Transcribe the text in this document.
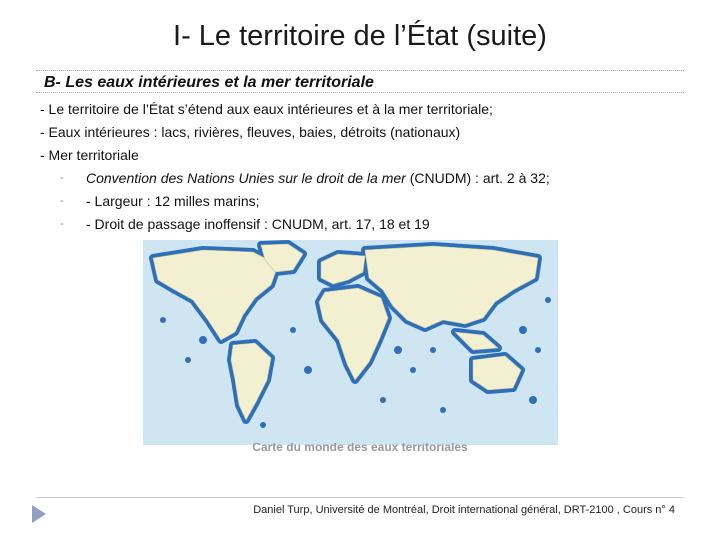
I- Le territoire de l’État (suite)
B- Les eaux intérieures et la mer territoriale
- Le territoire de l’État s’étend aux eaux intérieures et à la mer territoriale;
- Eaux intérieures : lacs, rivières, fleuves, baies, détroits (nationaux)
- Mer territoriale
- Convention des Nations Unies sur le droit de la mer (CNUDM) : art. 2 à 32;
- - Largeur : 12 milles marins;
- - Droit de passage inoffensif : CNUDM, art. 17, 18 et 19
Carte du monde des eaux territoriales
Daniel Turp, Université de Montréal, Droit international général, DRT-2100 , Cours n° 4
